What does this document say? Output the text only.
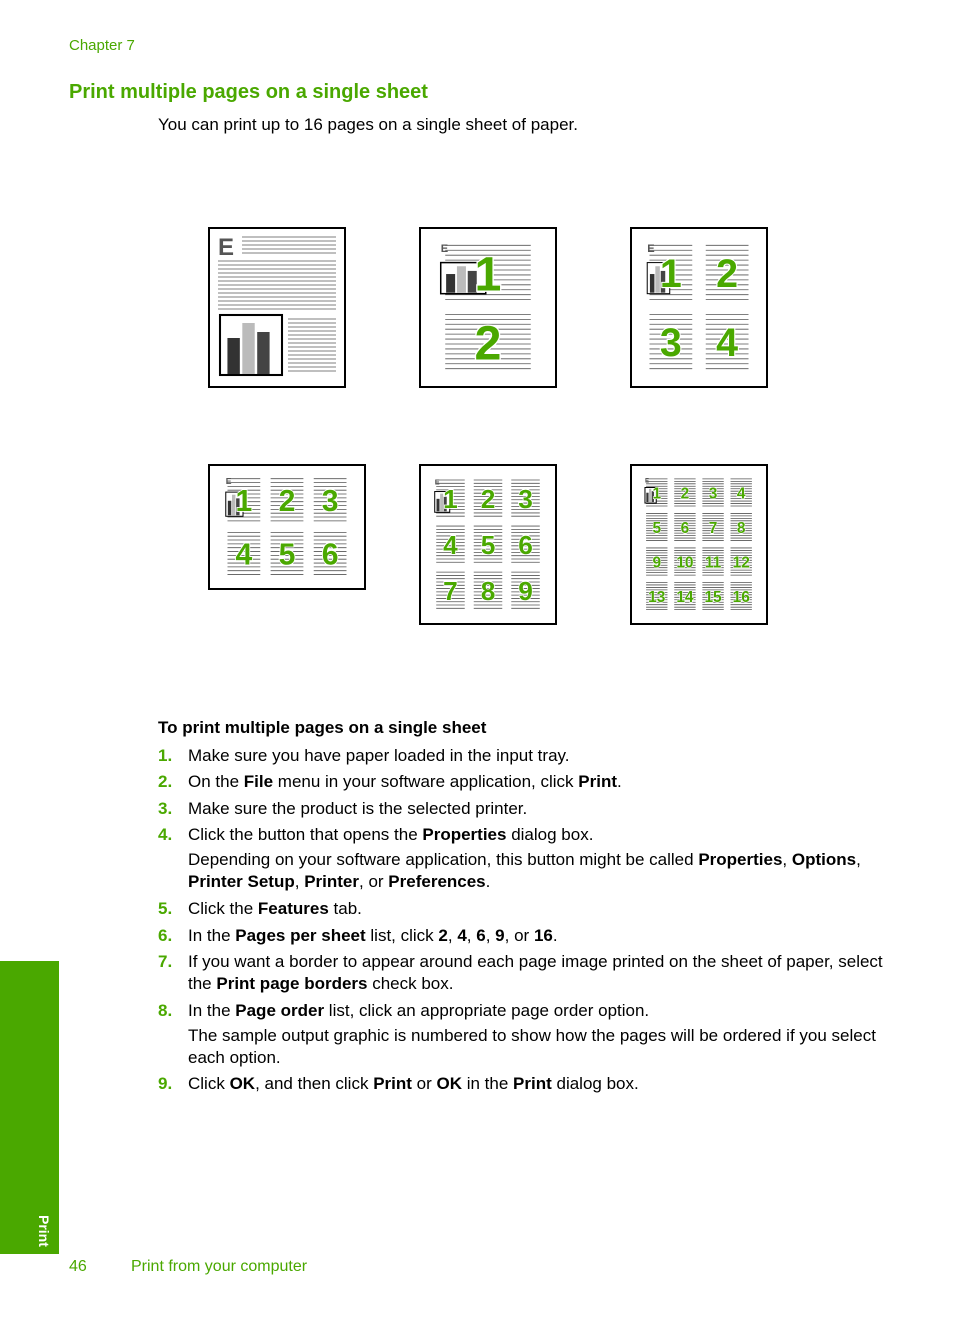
Chapter 7
Print multiple pages on a single sheet
You can print up to 16 pages on a single sheet of paper.
E	E 1
2
E
1 2
3 4
E
1 2 3
4 5 6
E
1 2 3
4 5 6
7 8 9
E
1 2 3 4
5 6 7 8
9 10 11 12
13 14 15 16
To print multiple pages on a single sheet
1. Make sure you have paper loaded in the input tray.

2. On the File menu in your software application, click Print.

3. Make sure the product is the selected printer.

4. Click the button that opens the Properties dialog box.

Depending on your software application, this button might be called Properties, Options, Printer Setup, Printer, or Preferences.

5. Click the Features tab.

6. In the Pages per sheet list, click 2, 4, 6, 9, or 16.

7. If you want a border to appear around each page image printed on the sheet of paper, select the Print page borders check box.

8. In the Page order list, click an appropriate page order option.

The sample output graphic is numbered to show how the pages will be ordered if you select each option.

9. Click OK, and then click Print or OK in the Print dialog box.

Print
46	Print from your computer
